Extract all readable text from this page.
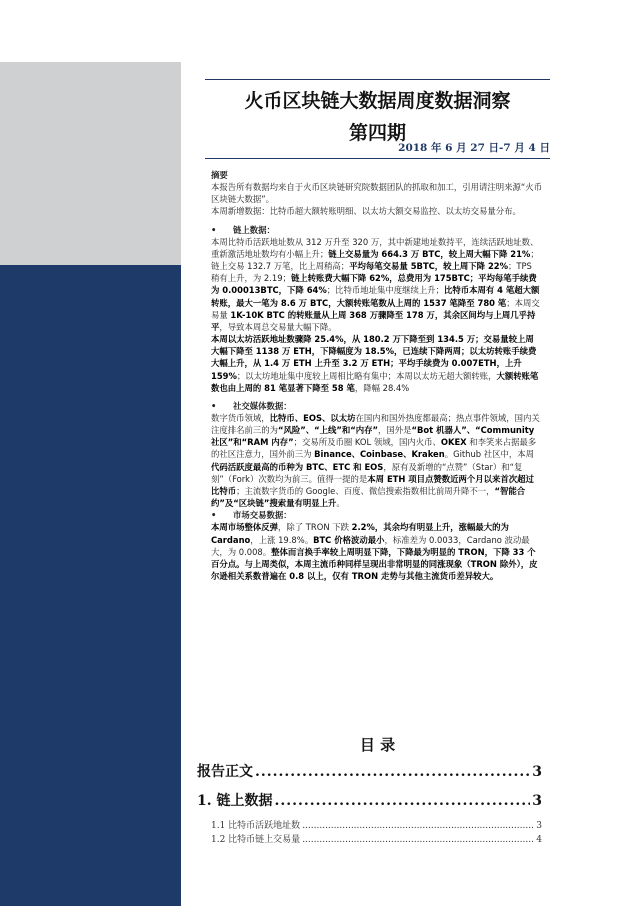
火币区块链大数据周度数据洞察
第四期
2018 年 6 月 27 日-7 月 4 日

摘要

本报告所有数据均来自于火币区块链研究院数据团队的抓取和加工，引用请注明来源“火币区块链大数据”。

本周新增数据：比特币超大额转账明细、以太坊大额交易监控、以太坊交易量分布。

• 链上数据：

本周比特币活跃地址数从 312 万升至 320 万，其中新建地址数持平，连续活跃地址数、重新激活地址数均有小幅上升；链上交易量为 664.3 万 BTC，较上周大幅下降 21%；链上交易 132.7 万笔，比上周稍高；平均每笔交易量 5BTC，较上周下降 22%；TPS 稍有上升，为 2.19；链上转账费大幅下降 62%，总费用为 175BTC；平均每笔手续费为 0.00013BTC，下降 64%；比特币地址集中度继续上升；比特币本周有 4 笔超大额转账，最大一笔为 8.6 万 BTC，大额转账笔数从上周的 1537 笔降至 780 笔；本周交易量 1K-10K BTC 的转账量从上周 368 万骤降至 178 万，其余区间均与上周几乎持平，导致本周总交易量大幅下降。

本周以太坊活跃地址数骤降 25.4%，从 180.2 万下降至到 134.5 万；交易量较上周大幅下降至 1138 万 ETH，下降幅度为 18.5%，已连续下降两周；以太坊转账手续费大幅上升，从 1.4 万 ETH 上升至 3.2 万 ETH；平均手续费为 0.007ETH，上升 159%；以太坊地址集中度较上周相比略有集中；本周以太坊无超大额转账，大额转账笔数也由上周的 81 笔显著下降至 58 笔，降幅 28.4%

• 社交媒体数据：

数字货币领域，比特币、EOS、以太坊在国内和国外热度都最高；热点事件领域，国内关注度排名前三的为“风险”、“上线”和“内存”，国外是“Bot 机器人”、“Community 社区”和“RAM 内存”；交易所及币圈 KOL 领域，国内火币、OKEX 和李笑来占据最多的社区注意力，国外前三为 Binance、Coinbase、Kraken。Github 社区中，本周代码活跃度最高的币种为 BTC、ETC 和 EOS，原有及新增的“点赞”（Star）和“复刻”（Fork）次数均为前三。值得一提的是本周 ETH 项目点赞数近两个月以来首次超过比特币；主流数字货币的 Google、百度、微信搜索指数相比前周升降不一，“智能合约”及“区块链”搜索量有明显上升。

• 市场交易数据：

本周市场整体反弹，除了 TRON 下跌 2.2%，其余均有明显上升，涨幅最大的为 Cardano，上涨 19.8%。BTC 价格波动最小，标准差为 0.0033，Cardano 波动最大，为 0.008。整体而言换手率较上周明显下降，下降最为明显的 TRON，下降 33 个百分点。与上周类似，本周主流币种同样呈现出非常明显的同涨现象（TRON 除外），皮尔逊相关系数普遍在 0.8 以上，仅有 TRON 走势与其他主流货币差异较大。

目 录
报告正文 .....	3
1. 链上数据 .....	3
1.1 比特币活跃地址数 .....	3
1.2 比特币链上交易量 .....	4
